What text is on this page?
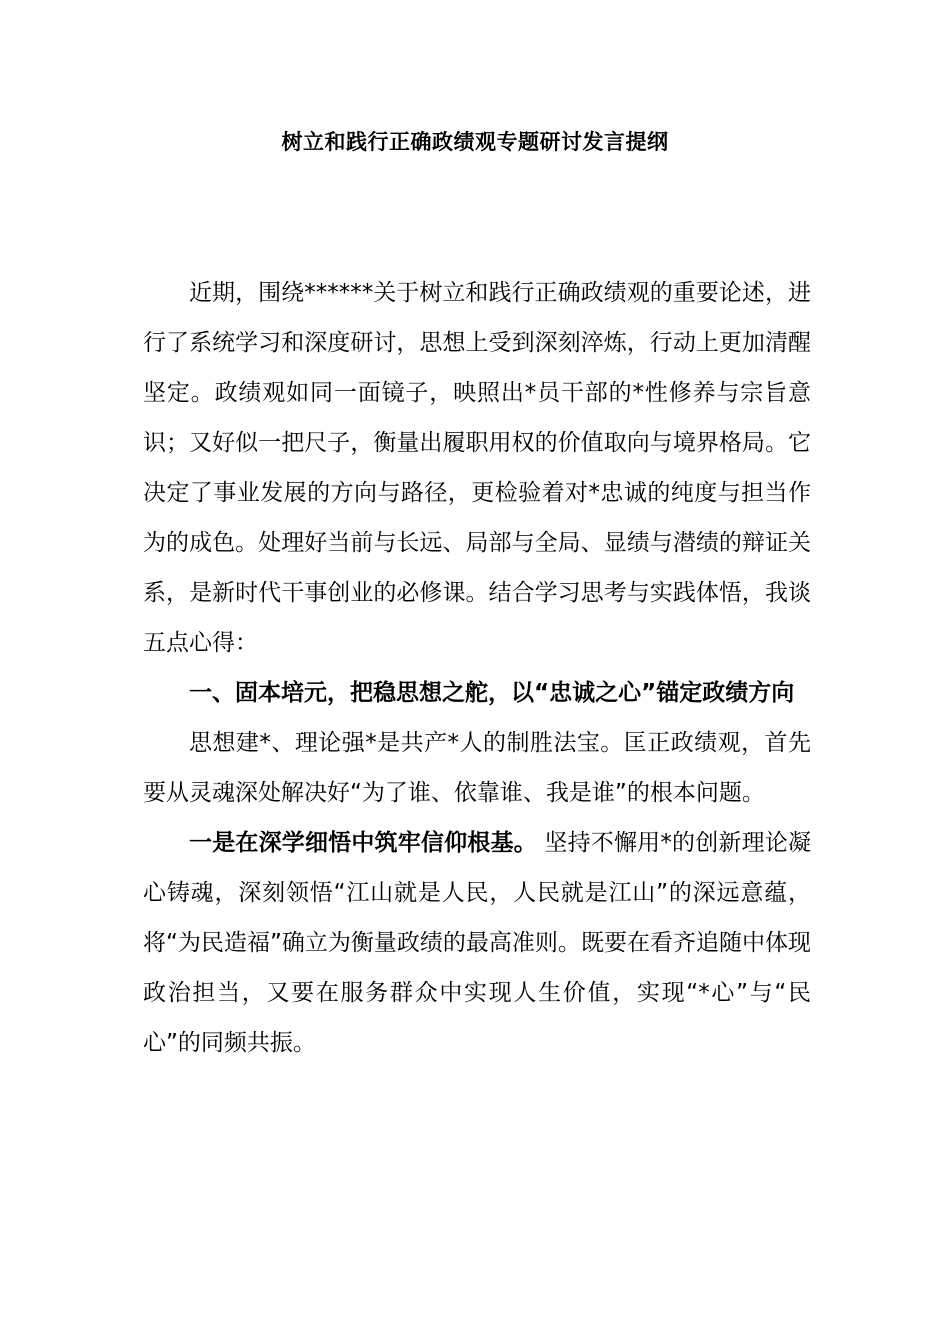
树立和践行正确政绩观专题研讨发言提纲

近期，围绕******关于树立和践行正确政绩观的重要论述，进行了系统学习和深度研讨，思想上受到深刻淬炼，行动上更加清醒坚定。政绩观如同一面镜子，映照出*员干部的*性修养与宗旨意识；又好似一把尺子，衡量出履职用权的价值取向与境界格局。它决定了事业发展的方向与路径，更检验着对*忠诚的纯度与担当作为的成色。处理好当前与长远、局部与全局、显绩与潜绩的辩证关系，是新时代干事创业的必修课。结合学习思考与实践体悟，我谈五点心得：

一、固本培元，把稳思想之舵，以“忠诚之心”锚定政绩方向

思想建*、理论强*是共产*人的制胜法宝。匡正政绩观，首先要从灵魂深处解决好“为了谁、依靠谁、我是谁”的根本问题。

一是在深学细悟中筑牢信仰根基。 坚持不懈用*的创新理论凝心铸魂，深刻领悟“江山就是人民，人民就是江山”的深远意蕴，将“为民造福”确立为衡量政绩的最高准则。既要在看齐追随中体现政治担当，又要在服务群众中实现人生价值，实现“*心”与“民心”的同频共振。
